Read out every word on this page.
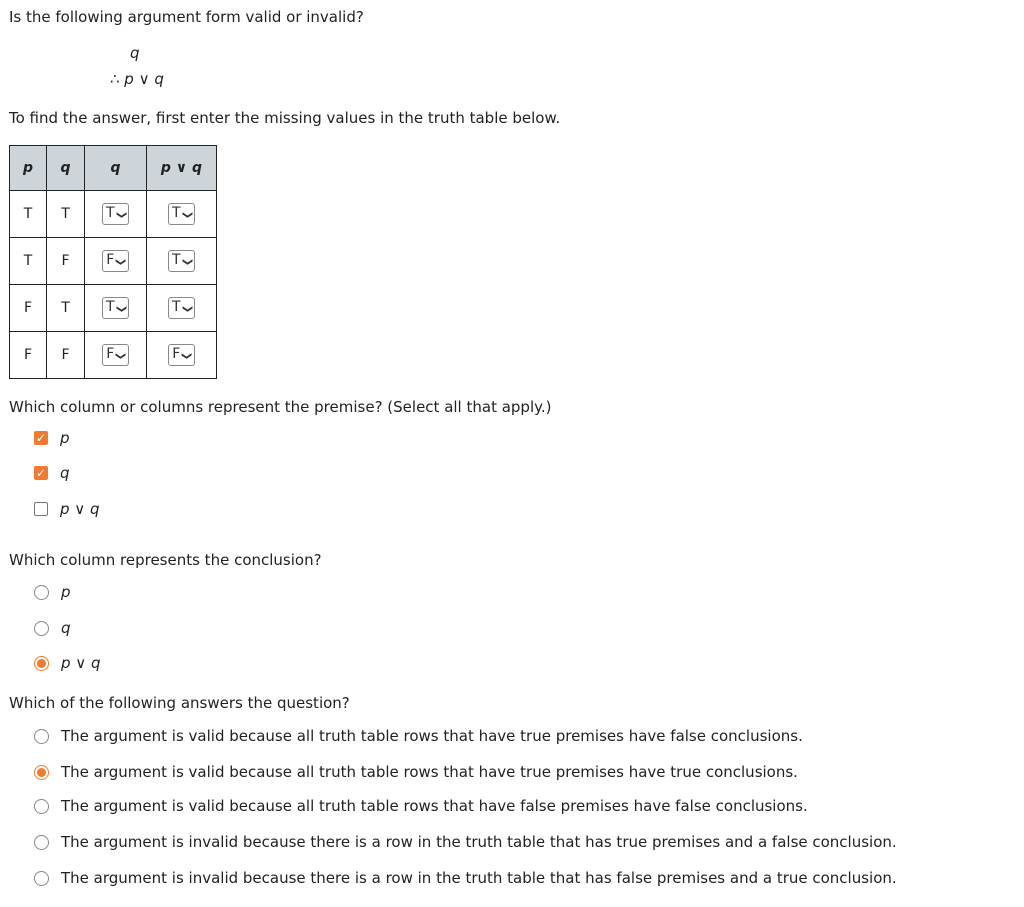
Is the following argument form valid or invalid?
q
∴ p ∨ q
To find the answer, first enter the missing values in the truth table below.
p	q	q	p ∨ q
T	T	T❯	T❯
T	F	F❯	T❯
F	T	T❯	T❯
F	F	F❯	F❯
Which column or columns represent the premise? (Select all that apply.)
✓ p
✓ q
p ∨ q
Which column represents the conclusion?
p
q
p ∨ q
Which of the following answers the question?
The argument is valid because all truth table rows that have true premises have false conclusions.
The argument is valid because all truth table rows that have true premises have true conclusions.
The argument is valid because all truth table rows that have false premises have false conclusions.
The argument is invalid because there is a row in the truth table that has true premises and a false conclusion.
The argument is invalid because there is a row in the truth table that has false premises and a true conclusion.
